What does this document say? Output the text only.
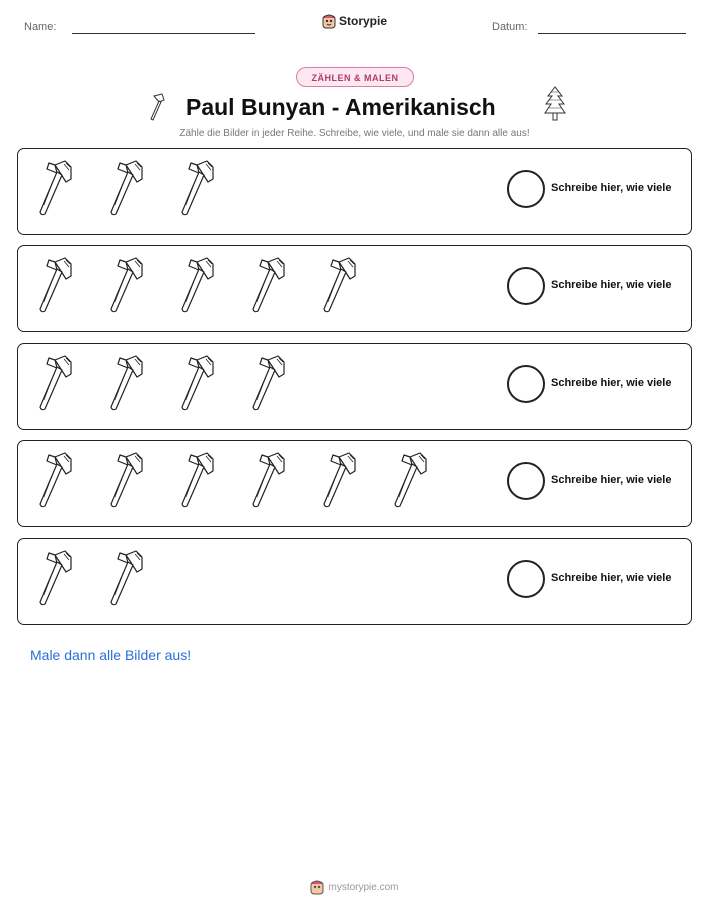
Name:	Storypie	Datum:
ZÄHLEN & MALEN
Paul Bunyan - Amerikanisch
Zähle die Bilder in jeder Reihe. Schreibe, wie viele, und male sie dann alle aus!
Schreibe hier, wie viele
Schreibe hier, wie viele
Schreibe hier, wie viele
Schreibe hier, wie viele
Schreibe hier, wie viele
Male dann alle Bilder aus!
mystorypie.com
